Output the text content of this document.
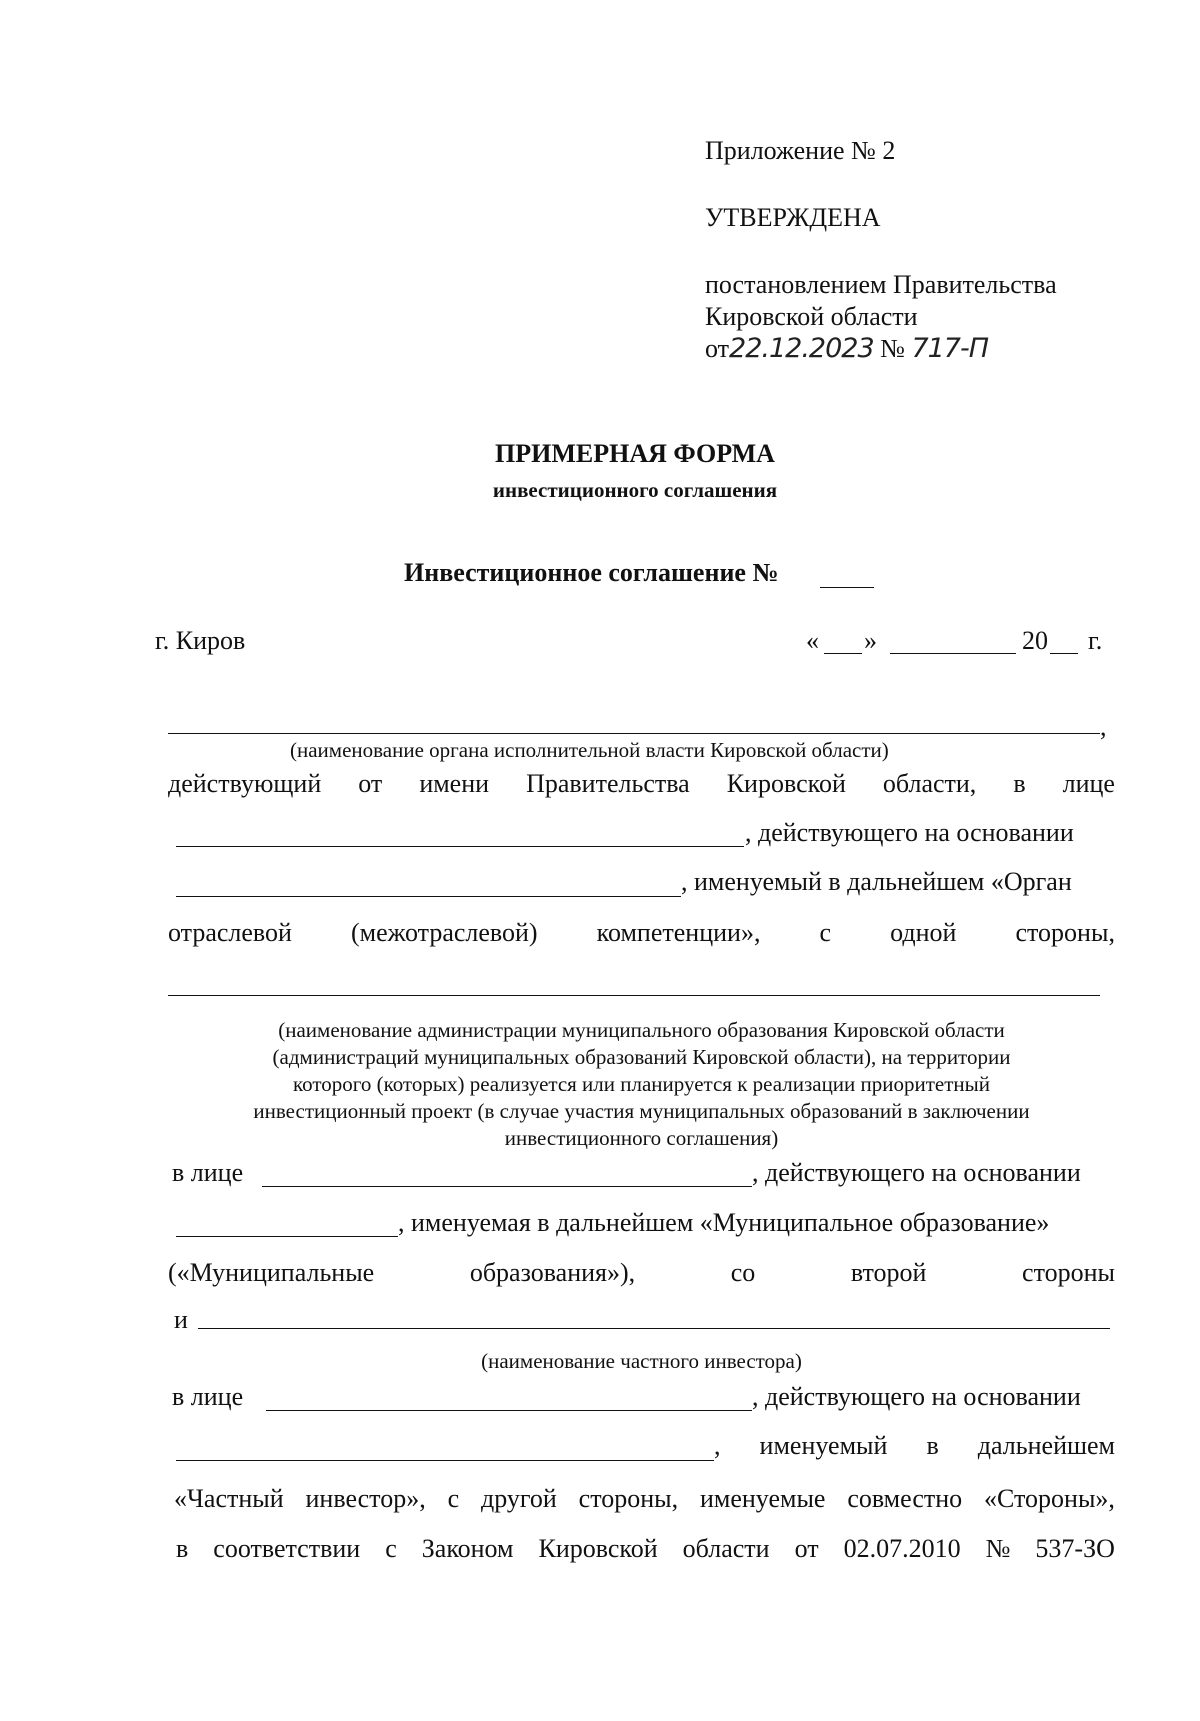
Приложение № 2
УТВЕРЖДЕНА
постановлением Правительства
Кировской области
от22.12.2023 № 717-П
ПРИМЕРНАЯ ФОРМА
инвестиционного соглашения
Инвестиционное соглашение №
г. Киров	« »	20 г.
,
(наименование органа исполнительной власти Кировской области)
действующий от имени Правительства Кировской области, в лице
, действующего на основании
, именуемый в дальнейшем «Орган
отраслевой (межотраслевой) компетенции», с одной стороны,
(наименование администрации муниципального образования Кировской области
(администраций муниципальных образований Кировской области), на территории
которого (которых) реализуется или планируется к реализации приоритетный
инвестиционный проект (в случае участия муниципальных образований в заключении
инвестиционного соглашения)
в лице	, действующего на основании
, именуемая в дальнейшем «Муниципальное образование»
(«Муниципальные	образования»),	со	второй	стороны
и
(наименование частного инвестора)
в лице	, действующего на основании
, именуемый в дальнейшем
«Частный инвестор», с другой стороны, именуемые совместно «Стороны»,
в соответствии с Законом Кировской области от 02.07.2010 № 537-ЗО
